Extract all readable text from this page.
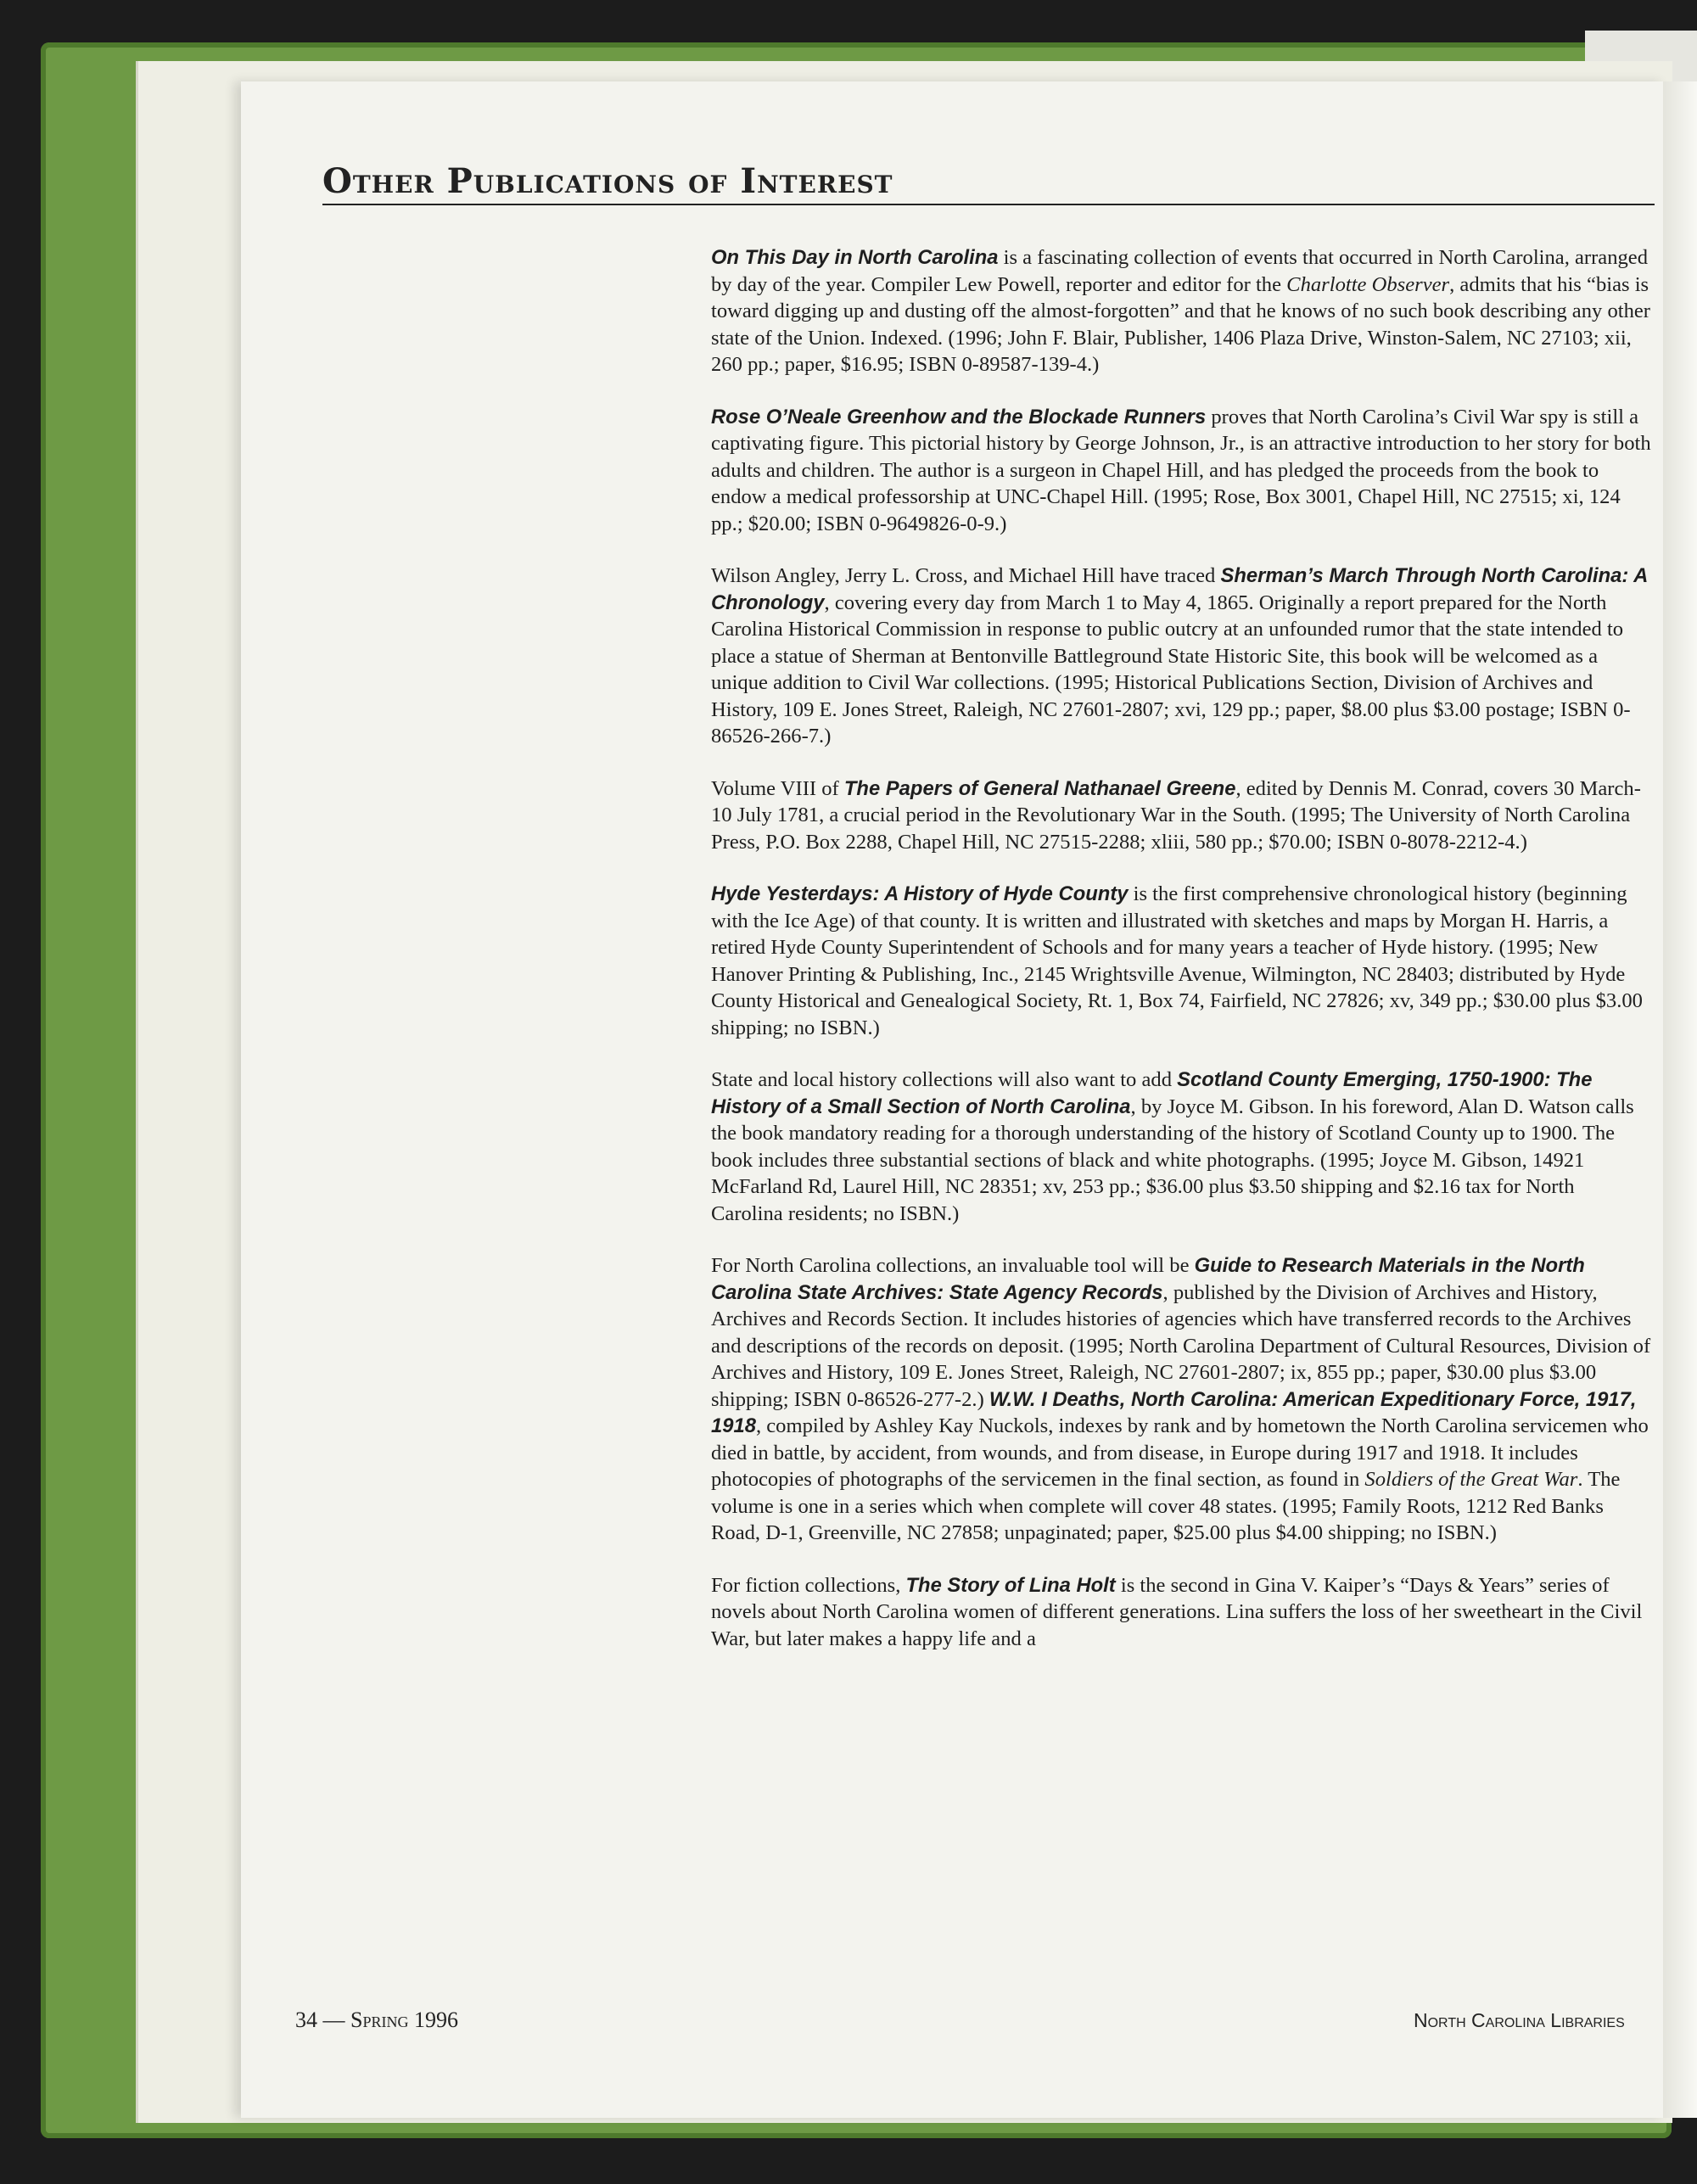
Other Publications of Interest

On This Day in North Carolina is a fascinating collection of events that occurred in North Carolina, arranged by day of the year. Compiler Lew Powell, reporter and editor for the Charlotte Observer, admits that his “bias is toward digging up and dusting off the almost-forgotten” and that he knows of no such book describing any other state of the Union. Indexed. (1996; John F. Blair, Publisher, 1406 Plaza Drive, Winston-Salem, NC 27103; xii, 260 pp.; paper, $16.95; ISBN 0-89587-139-4.)

Rose O’Neale Greenhow and the Blockade Runners proves that North Carolina’s Civil War spy is still a captivating figure. This pictorial history by George Johnson, Jr., is an attractive introduction to her story for both adults and children. The author is a surgeon in Chapel Hill, and has pledged the proceeds from the book to endow a medical professorship at UNC-Chapel Hill. (1995; Rose, Box 3001, Chapel Hill, NC 27515; xi, 124 pp.; $20.00; ISBN 0-9649826-0-9.)

Wilson Angley, Jerry L. Cross, and Michael Hill have traced Sherman’s March Through North Carolina: A Chronology, covering every day from March 1 to May 4, 1865. Originally a report prepared for the North Carolina Historical Commission in response to public outcry at an unfounded rumor that the state intended to place a statue of Sherman at Bentonville Battleground State Historic Site, this book will be welcomed as a unique addition to Civil War collections. (1995; Historical Publications Section, Division of Archives and History, 109 E. Jones Street, Raleigh, NC 27601-2807; xvi, 129 pp.; paper, $8.00 plus $3.00 postage; ISBN 0-86526-266-7.)

Volume VIII of The Papers of General Nathanael Greene, edited by Dennis M. Conrad, covers 30 March-10 July 1781, a crucial period in the Revolutionary War in the South. (1995; The University of North Carolina Press, P.O. Box 2288, Chapel Hill, NC 27515-2288; xliii, 580 pp.; $70.00; ISBN 0-8078-2212-4.)

Hyde Yesterdays: A History of Hyde County is the first comprehensive chronological history (beginning with the Ice Age) of that county. It is written and illustrated with sketches and maps by Morgan H. Harris, a retired Hyde County Superintendent of Schools and for many years a teacher of Hyde history. (1995; New Hanover Printing & Publishing, Inc., 2145 Wrightsville Avenue, Wilmington, NC 28403; distributed by Hyde County Historical and Genealogical Society, Rt. 1, Box 74, Fairfield, NC 27826; xv, 349 pp.; $30.00 plus $3.00 shipping; no ISBN.)

State and local history collections will also want to add Scotland County Emerging, 1750-1900: The History of a Small Section of North Carolina, by Joyce M. Gibson. In his foreword, Alan D. Watson calls the book mandatory reading for a thorough understanding of the history of Scotland County up to 1900. The book includes three substantial sections of black and white photographs. (1995; Joyce M. Gibson, 14921 McFarland Rd, Laurel Hill, NC 28351; xv, 253 pp.; $36.00 plus $3.50 shipping and $2.16 tax for North Carolina residents; no ISBN.)

For North Carolina collections, an invaluable tool will be Guide to Research Materials in the North Carolina State Archives: State Agency Records, published by the Division of Archives and History, Archives and Records Section. It includes histories of agencies which have transferred records to the Archives and descriptions of the records on deposit. (1995; North Carolina Department of Cultural Resources, Division of Archives and History, 109 E. Jones Street, Raleigh, NC 27601-2807; ix, 855 pp.; paper, $30.00 plus $3.00 shipping; ISBN 0-86526-277-2.) W.W. I Deaths, North Carolina: American Expeditionary Force, 1917, 1918, compiled by Ashley Kay Nuckols, indexes by rank and by hometown the North Carolina servicemen who died in battle, by accident, from wounds, and from disease, in Europe during 1917 and 1918. It includes photocopies of photographs of the servicemen in the final section, as found in Soldiers of the Great War. The volume is one in a series which when complete will cover 48 states. (1995; Family Roots, 1212 Red Banks Road, D-1, Greenville, NC 27858; unpaginated; paper, $25.00 plus $4.00 shipping; no ISBN.)

For fiction collections, The Story of Lina Holt is the second in Gina V. Kaiper’s “Days & Years” series of novels about North Carolina women of different generations. Lina suffers the loss of her sweetheart in the Civil War, but later makes a happy life and a

34 — Spring 1996	North Carolina Libraries
